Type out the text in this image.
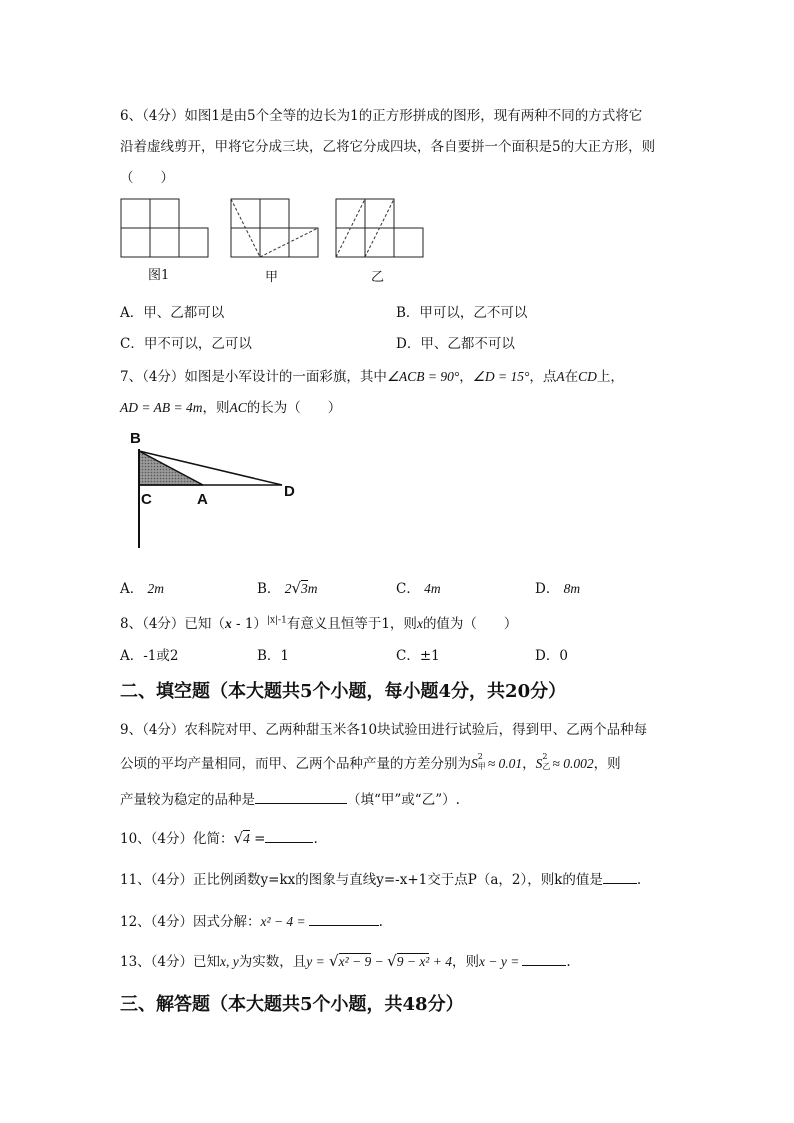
6、（4分）如图1是由5个全等的边长为1的正方形拼成的图形，现有两种不同的方式将它
沿着虚线剪开，甲将它分成三块，乙将它分成四块，各自要拼一个面积是5的大正方形，则
（　　）
图1	甲	乙
A．甲、乙都可以	B．甲可以，乙不可以
C．甲不可以，乙可以	D．甲、乙都不可以
7、（4分）如图是小军设计的一面彩旗，其中∠ACB = 90°，∠D = 15°，点A在CD上，
AD = AB = 4m，则AC的长为（　　）
B
C	A	D
A． 2m	B． 2√3m	C． 4m	D． 8m
8、（4分）已知（x - 1）$^{|x|-1}$有意义且恒等于1，则x的值为（　　）
A．-1或2	B．1	C．±1	D．0
二、填空题（本大题共5个小题，每小题4分，共20分）
9、（4分）农科院对甲、乙两种甜玉米各10块试验田进行试验后，得到甲、乙两个品种每
公顷的平均产量相同，而甲、乙两个品种产量的方差分别为S 2
甲 ≈ 0.01，S 2
乙 ≈ 0.002，则
产量较为稳定的品种是	（填“甲”或“乙”）.
10、（4分）化简：√4 =	.
11、（4分）正比例函数y=kx的图象与直线y=-x+1交于点P（a，2），则k的值是	.
12、（4分）因式分解：x² − 4 =	.
13、（4分）已知x, y为实数，且y = √x² − 9 − √9 − x² + 4，则x − y =	.
三、解答题（本大题共5个小题，共48分）
